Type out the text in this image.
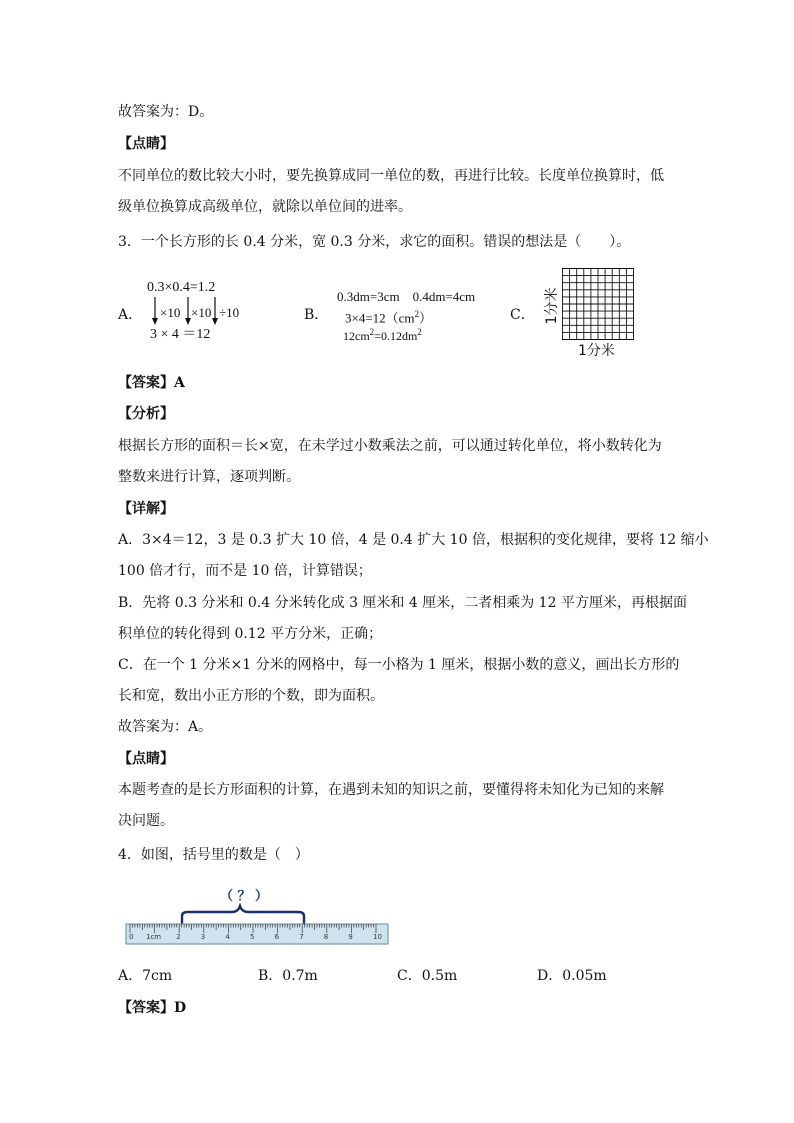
故答案为：D。
【点睛】
不同单位的数比较大小时，要先换算成同一单位的数，再进行比较。长度单位换算时，低
级单位换算成高级单位，就除以单位间的进率。
3．一个长方形的长 0.4 分米，宽 0.3 分米，求它的面积。错误的想法是（　　）。
A．
0.3×0.4=1.2
×10 ×10 ÷10
3 × 4 ＝12
B．
0.3dm=3cm　0.4dm=4cm
$3\times 4=12(cm^2)$
$12cm^2=0.12dm^2$
C． 1分米
1分米
【答案】A
【分析】
根据长方形的面积＝长×宽，在未学过小数乘法之前，可以通过转化单位，将小数转化为
整数来进行计算，逐项判断。
【详解】
A．3×4＝12，3 是 0.3 扩大 10 倍，4 是 0.4 扩大 10 倍，根据积的变化规律，要将 12 缩小
100 倍才行，而不是 10 倍，计算错误；
B．先将 0.3 分米和 0.4 分米转化成 3 厘米和 4 厘米，二者相乘为 12 平方厘米，再根据面
积单位的转化得到 0.12 平方分米，正确；
C．在一个 1 分米×1 分米的网格中，每一小格为 1 厘米，根据小数的意义，画出长方形的
长和宽，数出小正方形的个数，即为面积。
故答案为：A。
【点睛】
本题考查的是长方形面积的计算，在遇到未知的知识之前，要懂得将未知化为已知的来解
决问题。
4．如图，括号里的数是（　）
（ ？ ）
0 1cm 2	3	4	5	6	7	8	9	10
A．7cm	B．0.7m	C．0.5m	D．0.05m
【答案】D
